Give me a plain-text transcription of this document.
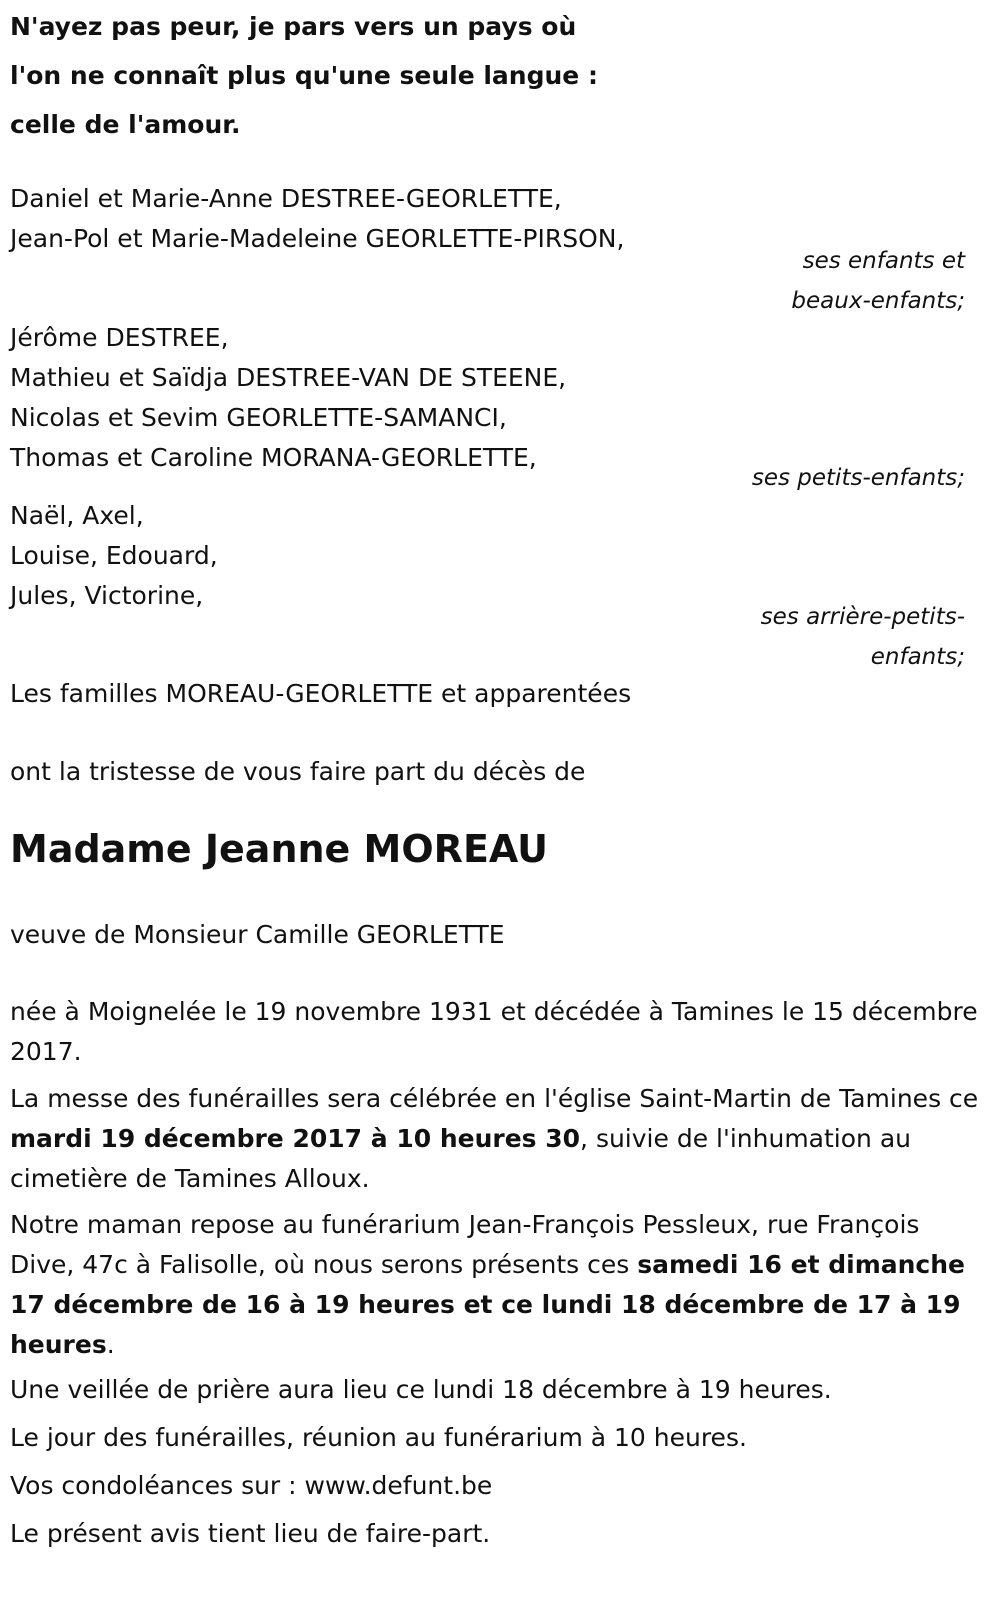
N'ayez pas peur, je pars vers un pays où
l'on ne connaît plus qu'une seule langue :
celle de l'amour.
Daniel et Marie-Anne DESTREE-GEORLETTE,
Jean-Pol et Marie-Madeleine GEORLETTE-PIRSON,
ses enfants et
beaux-enfants;
Jérôme DESTREE,
Mathieu et Saïdja DESTREE-VAN DE STEENE,
Nicolas et Sevim GEORLETTE-SAMANCI,
Thomas et Caroline MORANA-GEORLETTE,
ses petits-enfants;
Naël, Axel,
Louise, Edouard,
Jules, Victorine,
ses arrière-petits-
enfants;
Les familles MOREAU-GEORLETTE et apparentées
ont la tristesse de vous faire part du décès de
Madame Jeanne MOREAU
veuve de Monsieur Camille GEORLETTE
née à Moignelée le 19 novembre 1931 et décédée à Tamines le 15 décembre 2017.
La messe des funérailles sera célébrée en l'église Saint-Martin de Tamines ce mardi 19 décembre 2017 à 10 heures 30, suivie de l'inhumation au cimetière de Tamines Alloux.
Notre maman repose au funérarium Jean-François Pessleux, rue François Dive, 47c à Falisolle, où nous serons présents ces samedi 16 et dimanche 17 décembre de 16 à 19 heures et ce lundi 18 décembre de 17 à 19 heures.
Une veillée de prière aura lieu ce lundi 18 décembre à 19 heures.
Le jour des funérailles, réunion au funérarium à 10 heures.
Vos condoléances sur : www.defunt.be
Le présent avis tient lieu de faire-part.
